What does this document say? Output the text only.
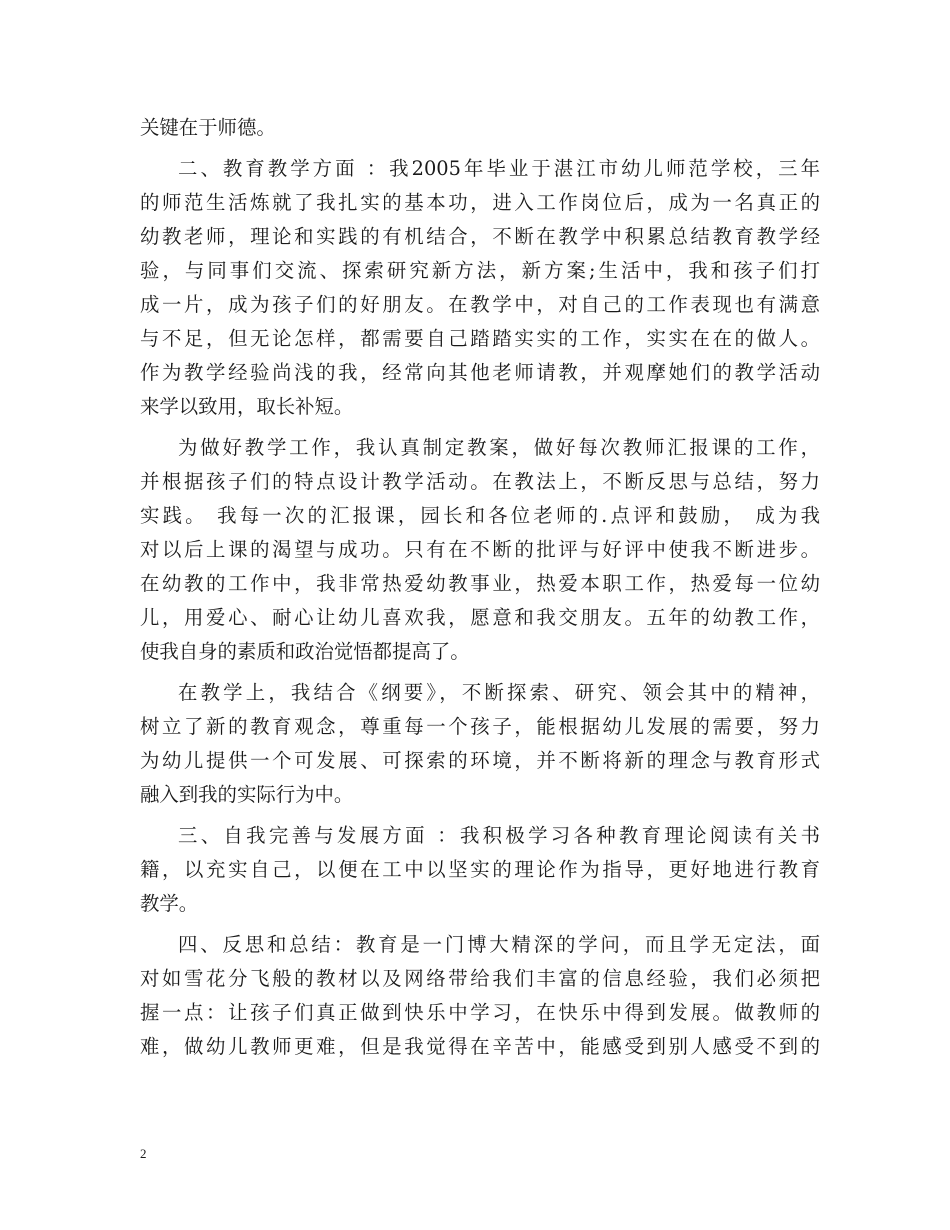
关键在于师德。
二、教育教学方面 ：我2005年毕业于湛江市幼儿师范学校，三年
的师范生活炼就了我扎实的基本功，进入工作岗位后，成为一名真正的
幼教老师，理论和实践的有机结合，不断在教学中积累总结教育教学经
验，与同事们交流、探索研究新方法，新方案;生活中，我和孩子们打
成一片，成为孩子们的好朋友。在教学中，对自己的工作表现也有满意
与不足，但无论怎样，都需要自己踏踏实实的工作，实实在在的做人。
作为教学经验尚浅的我，经常向其他老师请教，并观摩她们的教学活动
来学以致用，取长补短。
为做好教学工作，我认真制定教案，做好每次教师汇报课的工作，
并根据孩子们的特点设计教学活动。在教法上，不断反思与总结，努力
实践。 我每一次的汇报课，园长和各位老师的.点评和鼓励， 成为我
对以后上课的渴望与成功。只有在不断的批评与好评中使我不断进步。
在幼教的工作中，我非常热爱幼教事业，热爱本职工作，热爱每一位幼
儿，用爱心、耐心让幼儿喜欢我，愿意和我交朋友。五年的幼教工作，
使我自身的素质和政治觉悟都提高了。
在教学上，我结合《纲要》，不断探索、研究、领会其中的精神，
树立了新的教育观念，尊重每一个孩子，能根据幼儿发展的需要，努力
为幼儿提供一个可发展、可探索的环境，并不断将新的理念与教育形式
融入到我的实际行为中。
三、自我完善与发展方面 ：我积极学习各种教育理论阅读有关书
籍，以充实自己，以便在工中以坚实的理论作为指导，更好地进行教育
教学。
四、反思和总结：教育是一门博大精深的学问，而且学无定法，面
对如雪花分飞般的教材以及网络带给我们丰富的信息经验，我们必须把
握一点：让孩子们真正做到快乐中学习，在快乐中得到发展。做教师的
难，做幼儿教师更难，但是我觉得在辛苦中，能感受到别人感受不到的
2
